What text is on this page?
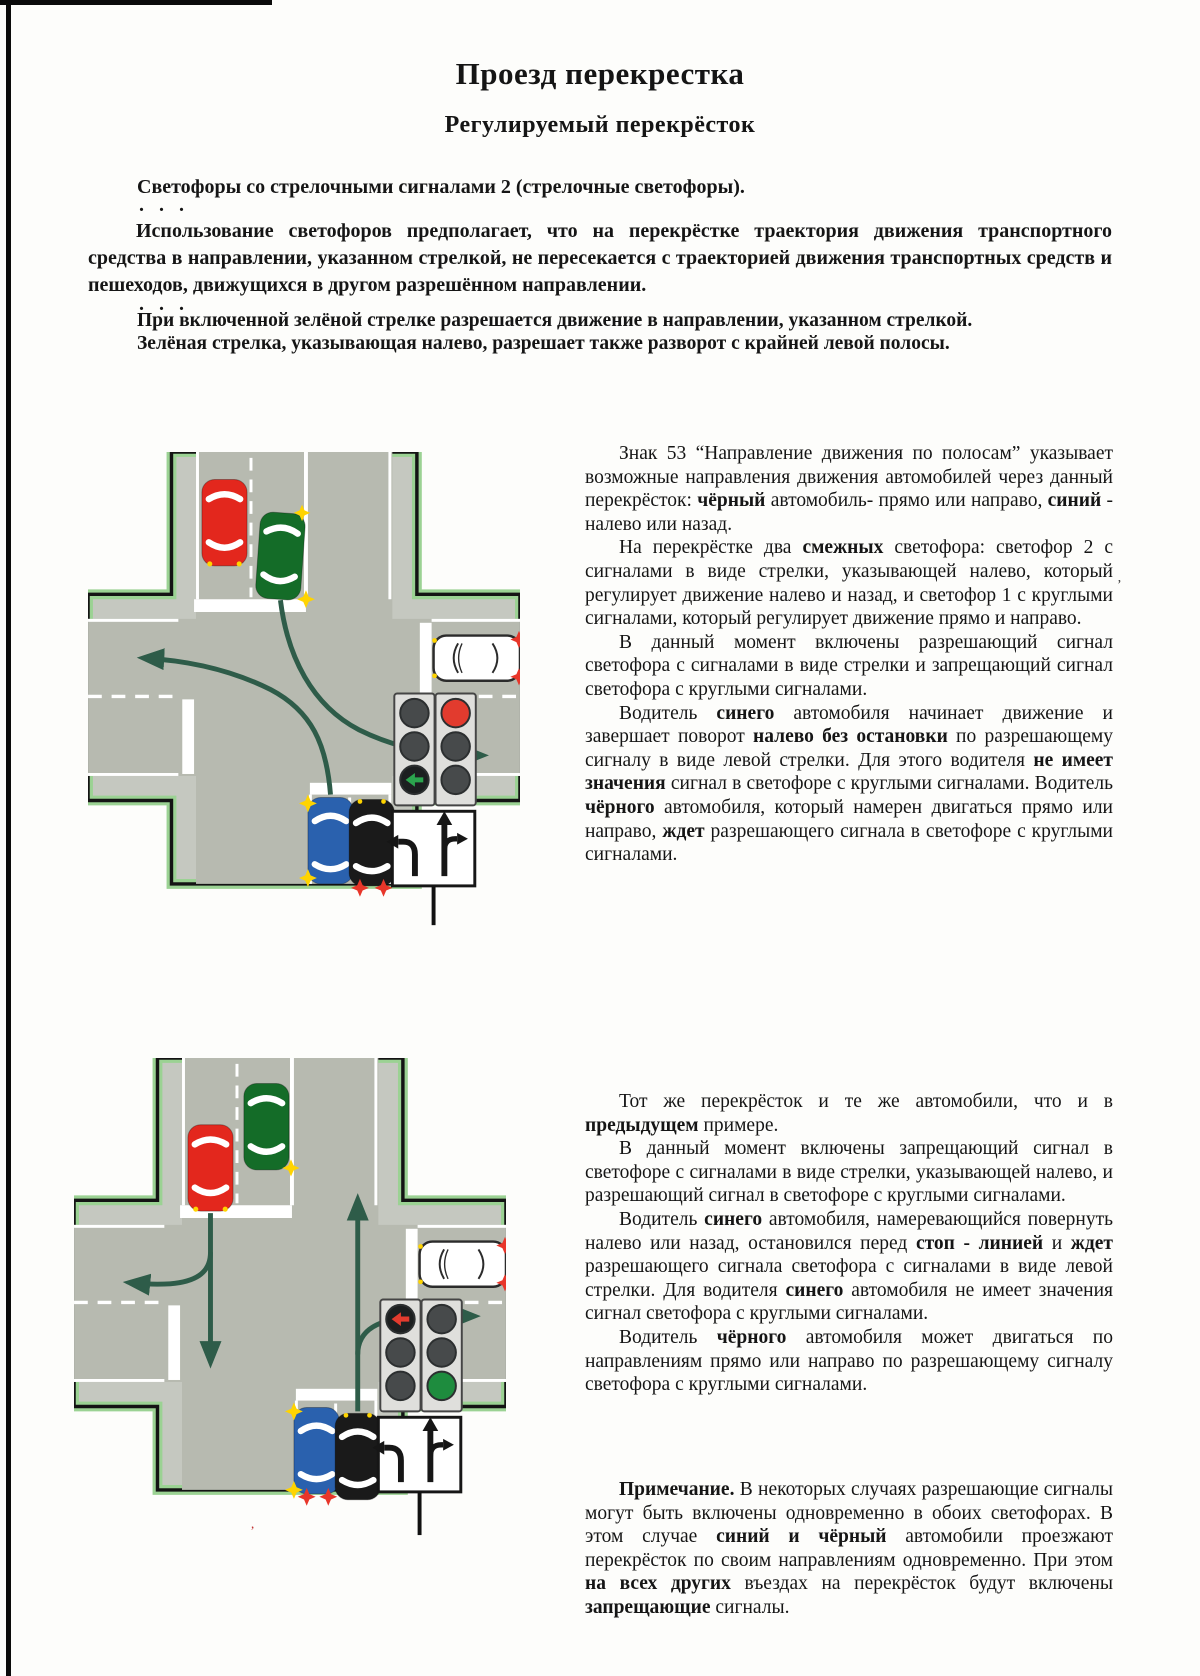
Проезд перекрестка
Регулируемый перекрёсток
Светофоры со стрелочными сигналами 2 (стрелочные светофоры).
. . .
Использование светофоров предполагает, что на перекрёстке траектория движения транспортного средства в направлении, указанном стрелкой, не пересекается с траекторией движения транспортных средств и пешеходов, движущихся в другом разрешённом направлении.
. . .
При включенной зелёной стрелке разрешается движение в направлении, указанном стрелкой.
Зелёная стрелка, указывающая налево, разрешает также разворот с крайней левой полосы.

Знак 53 “Направление движения по полосам” указывает возможные направления движения автомобилей через данный перекрёсток: чёрный автомобиль- прямо или направо, синий - налево или назад.

На перекрёстке два смежных светофора: светофор 2 с сигналами в виде стрелки, указывающей налево, который регулирует движение налево и назад, и светофор 1 с круглыми сигналами, который регулирует движение прямо и направо.

В данный момент включены разрешающий сигнал светофора с сигналами в виде стрелки и запрещающий сигнал светофора с круглыми сигналами.

Водитель синего автомобиля начинает движение и завершает поворот налево без остановки по разрешающему сигналу в виде левой стрелки. Для этого водителя не имеет значения сигнал в светофоре с круглыми сигналами. Водитель чёрного автомобиля, который намерен двигаться прямо или направо, ждет разрешающего сигнала в светофоре с круглыми сигналами.

Тот же перекрёсток и те же автомобили, что и в предыдущем примере.

В данный момент включены запрещающий сигнал в светофоре с сигналами в виде стрелки, указывающей налево, и разрешающий сигнал в светофоре с круглыми сигналами.

Водитель синего автомобиля, намеревающийся повернуть налево или назад, остановился перед стоп - линией и ждет разрешающего сигнала светофора с сигналами в виде левой стрелки. Для водителя синего автомобиля не имеет значения сигнал светофора с круглыми сигналами.

Водитель чёрного автомобиля может двигаться по направлениям прямо или направо по разрешающему сигналу светофора с круглыми сигналами.

Примечание. В некоторых случаях разрешающие сигналы могут быть включены одновременно в обоих светофорах. В этом случае синий и чёрный автомобили проезжают перекрёсток по своим направлениям одновременно. При этом на всех других въездах на перекрёсток будут включены запрещающие сигналы.

’
,
